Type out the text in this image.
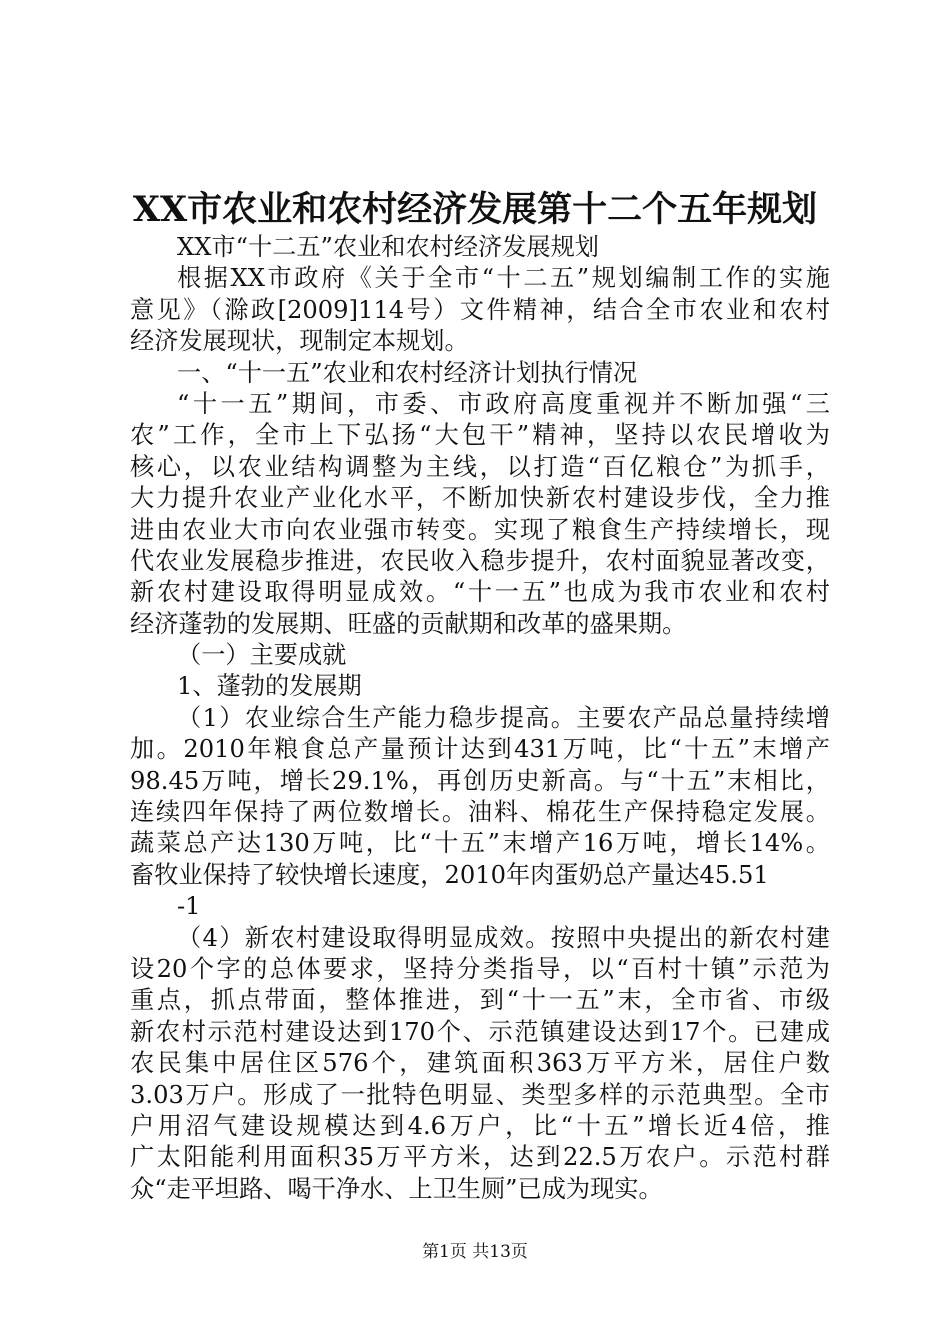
XX市农业和农村经济发展第十二个五年规划
XX市“十二五”农业和农村经济发展规划
根据XX市政府《关于全市“十二五”规划编制工作的实施
意见》（滁政[2009]114号）文件精神，结合全市农业和农村
经济发展现状，现制定本规划。
一、“十一五”农业和农村经济计划执行情况
“十一五”期间，市委、市政府高度重视并不断加强“三
农”工作，全市上下弘扬“大包干”精神，坚持以农民增收为
核心，以农业结构调整为主线，以打造“百亿粮仓”为抓手，
大力提升农业产业化水平，不断加快新农村建设步伐，全力推
进由农业大市向农业强市转变。实现了粮食生产持续增长，现
代农业发展稳步推进，农民收入稳步提升，农村面貌显著改变，
新农村建设取得明显成效。“十一五”也成为我市农业和农村
经济蓬勃的发展期、旺盛的贡献期和改革的盛果期。
（一）主要成就
1、蓬勃的发展期
（1）农业综合生产能力稳步提高。主要农产品总量持续增
加。2010年粮食总产量预计达到431万吨，比“十五”末增产
98.45万吨，增长29.1%，再创历史新高。与“十五”末相比，
连续四年保持了两位数增长。油料、棉花生产保持稳定发展。
蔬菜总产达130万吨，比“十五”末增产16万吨，增长14%。
畜牧业保持了较快增长速度，2010年肉蛋奶总产量达45.51
-1
（4）新农村建设取得明显成效。按照中央提出的新农村建
设20个字的总体要求，坚持分类指导，以“百村十镇”示范为
重点，抓点带面，整体推进，到“十一五”末，全市省、市级
新农村示范村建设达到170个、示范镇建设达到17个。已建成
农民集中居住区576个，建筑面积363万平方米，居住户数
3.03万户。形成了一批特色明显、类型多样的示范典型。全市
户用沼气建设规模达到4.6万户，比“十五”增长近4倍，推
广太阳能利用面积35万平方米，达到22.5万农户。示范村群
众“走平坦路、喝干净水、上卫生厕”已成为现实。
第1页 共13页
